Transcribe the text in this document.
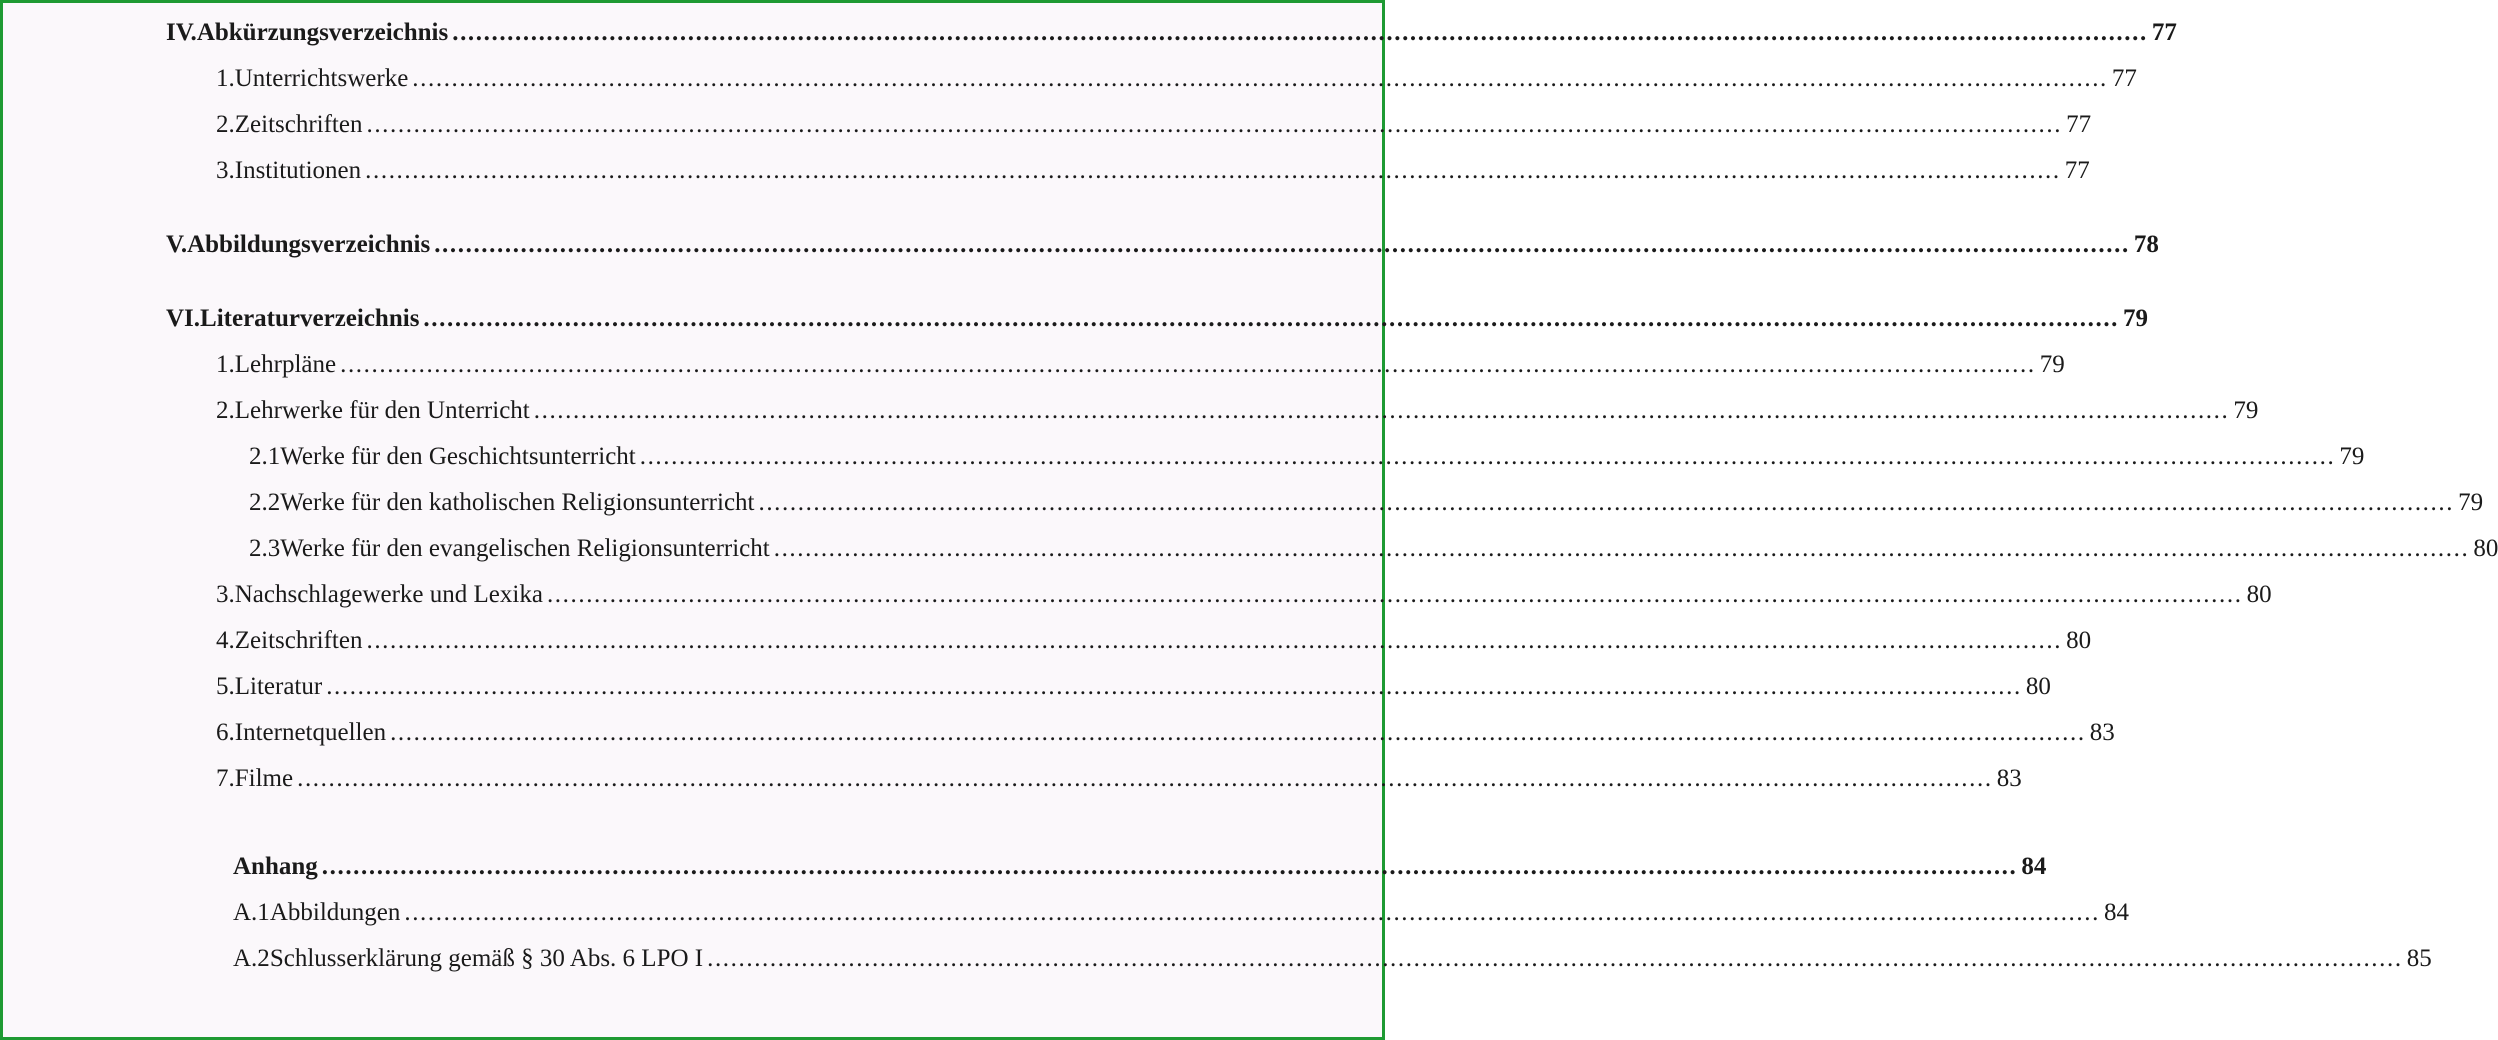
IV. Abkürzungsverzeichnis ........................................................................................................................................................................................................................ 77
1. Unterrichtswerke ........................................................................................................................................................................................................................ 77
2. Zeitschriften ........................................................................................................................................................................................................................ 77
3. Institutionen ........................................................................................................................................................................................................................ 77
V. Abbildungsverzeichnis ........................................................................................................................................................................................................................ 78
VI. Literaturverzeichnis ........................................................................................................................................................................................................................ 79
1. Lehrpläne ........................................................................................................................................................................................................................ 79
2. Lehrwerke für den Unterricht ........................................................................................................................................................................................................................ 79
2.1 Werke für den Geschichtsunterricht ........................................................................................................................................................................................................................ 79
2.2 Werke für den katholischen Religionsunterricht ........................................................................................................................................................................................................................ 79
2.3 Werke für den evangelischen Religionsunterricht ........................................................................................................................................................................................................................ 80
3. Nachschlagewerke und Lexika ........................................................................................................................................................................................................................ 80
4. Zeitschriften ........................................................................................................................................................................................................................ 80
5. Literatur ........................................................................................................................................................................................................................ 80
6. Internetquellen ........................................................................................................................................................................................................................ 83
7. Filme ........................................................................................................................................................................................................................ 83
Anhang ........................................................................................................................................................................................................................ 84
A.1 Abbildungen ........................................................................................................................................................................................................................ 84
A.2 Schlusserklärung gemäß § 30 Abs. 6 LPO I ........................................................................................................................................................................................................................ 85
